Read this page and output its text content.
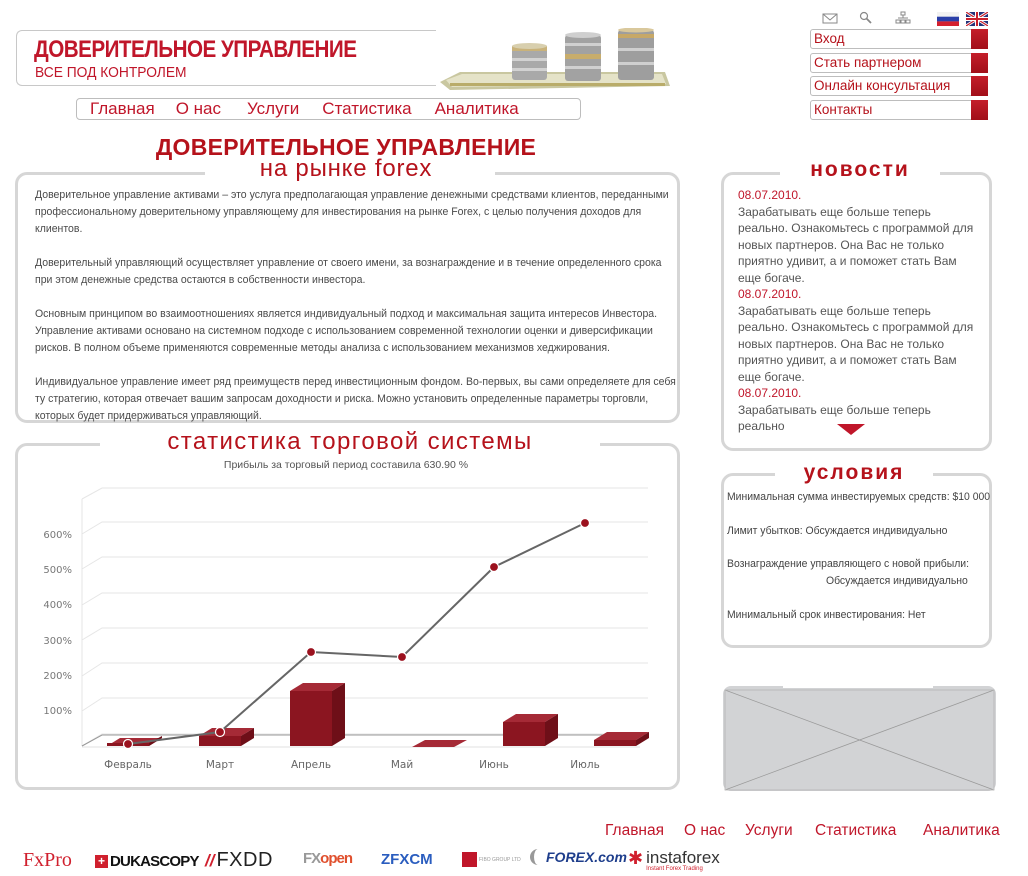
ДОВЕРИТЕЛЬНОЕ УПРАВЛЕНИЕ
ВСЕ ПОД КОНТРОЛЕМ
Главная О нас Услуги Статистика Аналитика
Вход
Стать партнером
Онлайн консультация
Контакты
ДОВЕРИТЕЛЬНОЕ УПРАВЛЕНИЕ
на рынке forex

Доверительное управление активами – это услуга предполагающая управление денежными средствами клиентов, переданными профессиональному доверительному управляющему для инвестирования на рынке Forex, с целью получения доходов для клиентов.

Доверительный управляющий осуществляет управление от своего имени, за вознаграждение и в течение определенного срока при этом денежные средства остаются в собственности инвестора.

Основным принципом во взаимоотношениях является индивидуальный подход и максимальная защита интересов Инвестора. Управление активами основано на системном подходе с использованием современной технологии оценки и диверсификации рисков. В полном объеме применяются современные методы анализа с использованием механизмов хеджирования.

Индивидуальное управление имеет ряд преимуществ перед инвестиционным фондом. Во-первых, вы сами определяете для себя ту стратегию, которая отвечает вашим запросам доходности и риска. Можно установить определенные параметры торговли, которых будет придерживаться управляющий.

статистика торговой системы
Прибыль за торговый период составила 630.90 %
100%
200%
300%
400%
500%
600%
Февраль	Март	Апрель	Май	Июнь	Июль
новости
08.07.2010.
Зарабатывать еще больше теперь реально. Ознакомьтесь с программой для новых партнеров. Она Вас не только приятно удивит, а и поможет стать Вам еще богаче.
08.07.2010.
Зарабатывать еще больше теперь реально. Ознакомьтесь с программой для новых партнеров. Она Вас не только приятно удивит, а и поможет стать Вам еще богаче.
08.07.2010.
Зарабатывать еще больше теперь реально
условия
Минимальная сумма инвестируемых средств: $10 000
Лимит убытков: Обсуждается индивидуально
Вознаграждение управляющего с новой прибыли:
Обсуждается индивидуально
Минимальный срок инвестирования: Нет
Главная О нас Услуги Статистика Аналитика
FxPro + DUKASCOPY // FXDD FXopen Z FXCM	FIBO GROUP LTD FOREX.com ✱ instaforex
Instant Forex Trading
